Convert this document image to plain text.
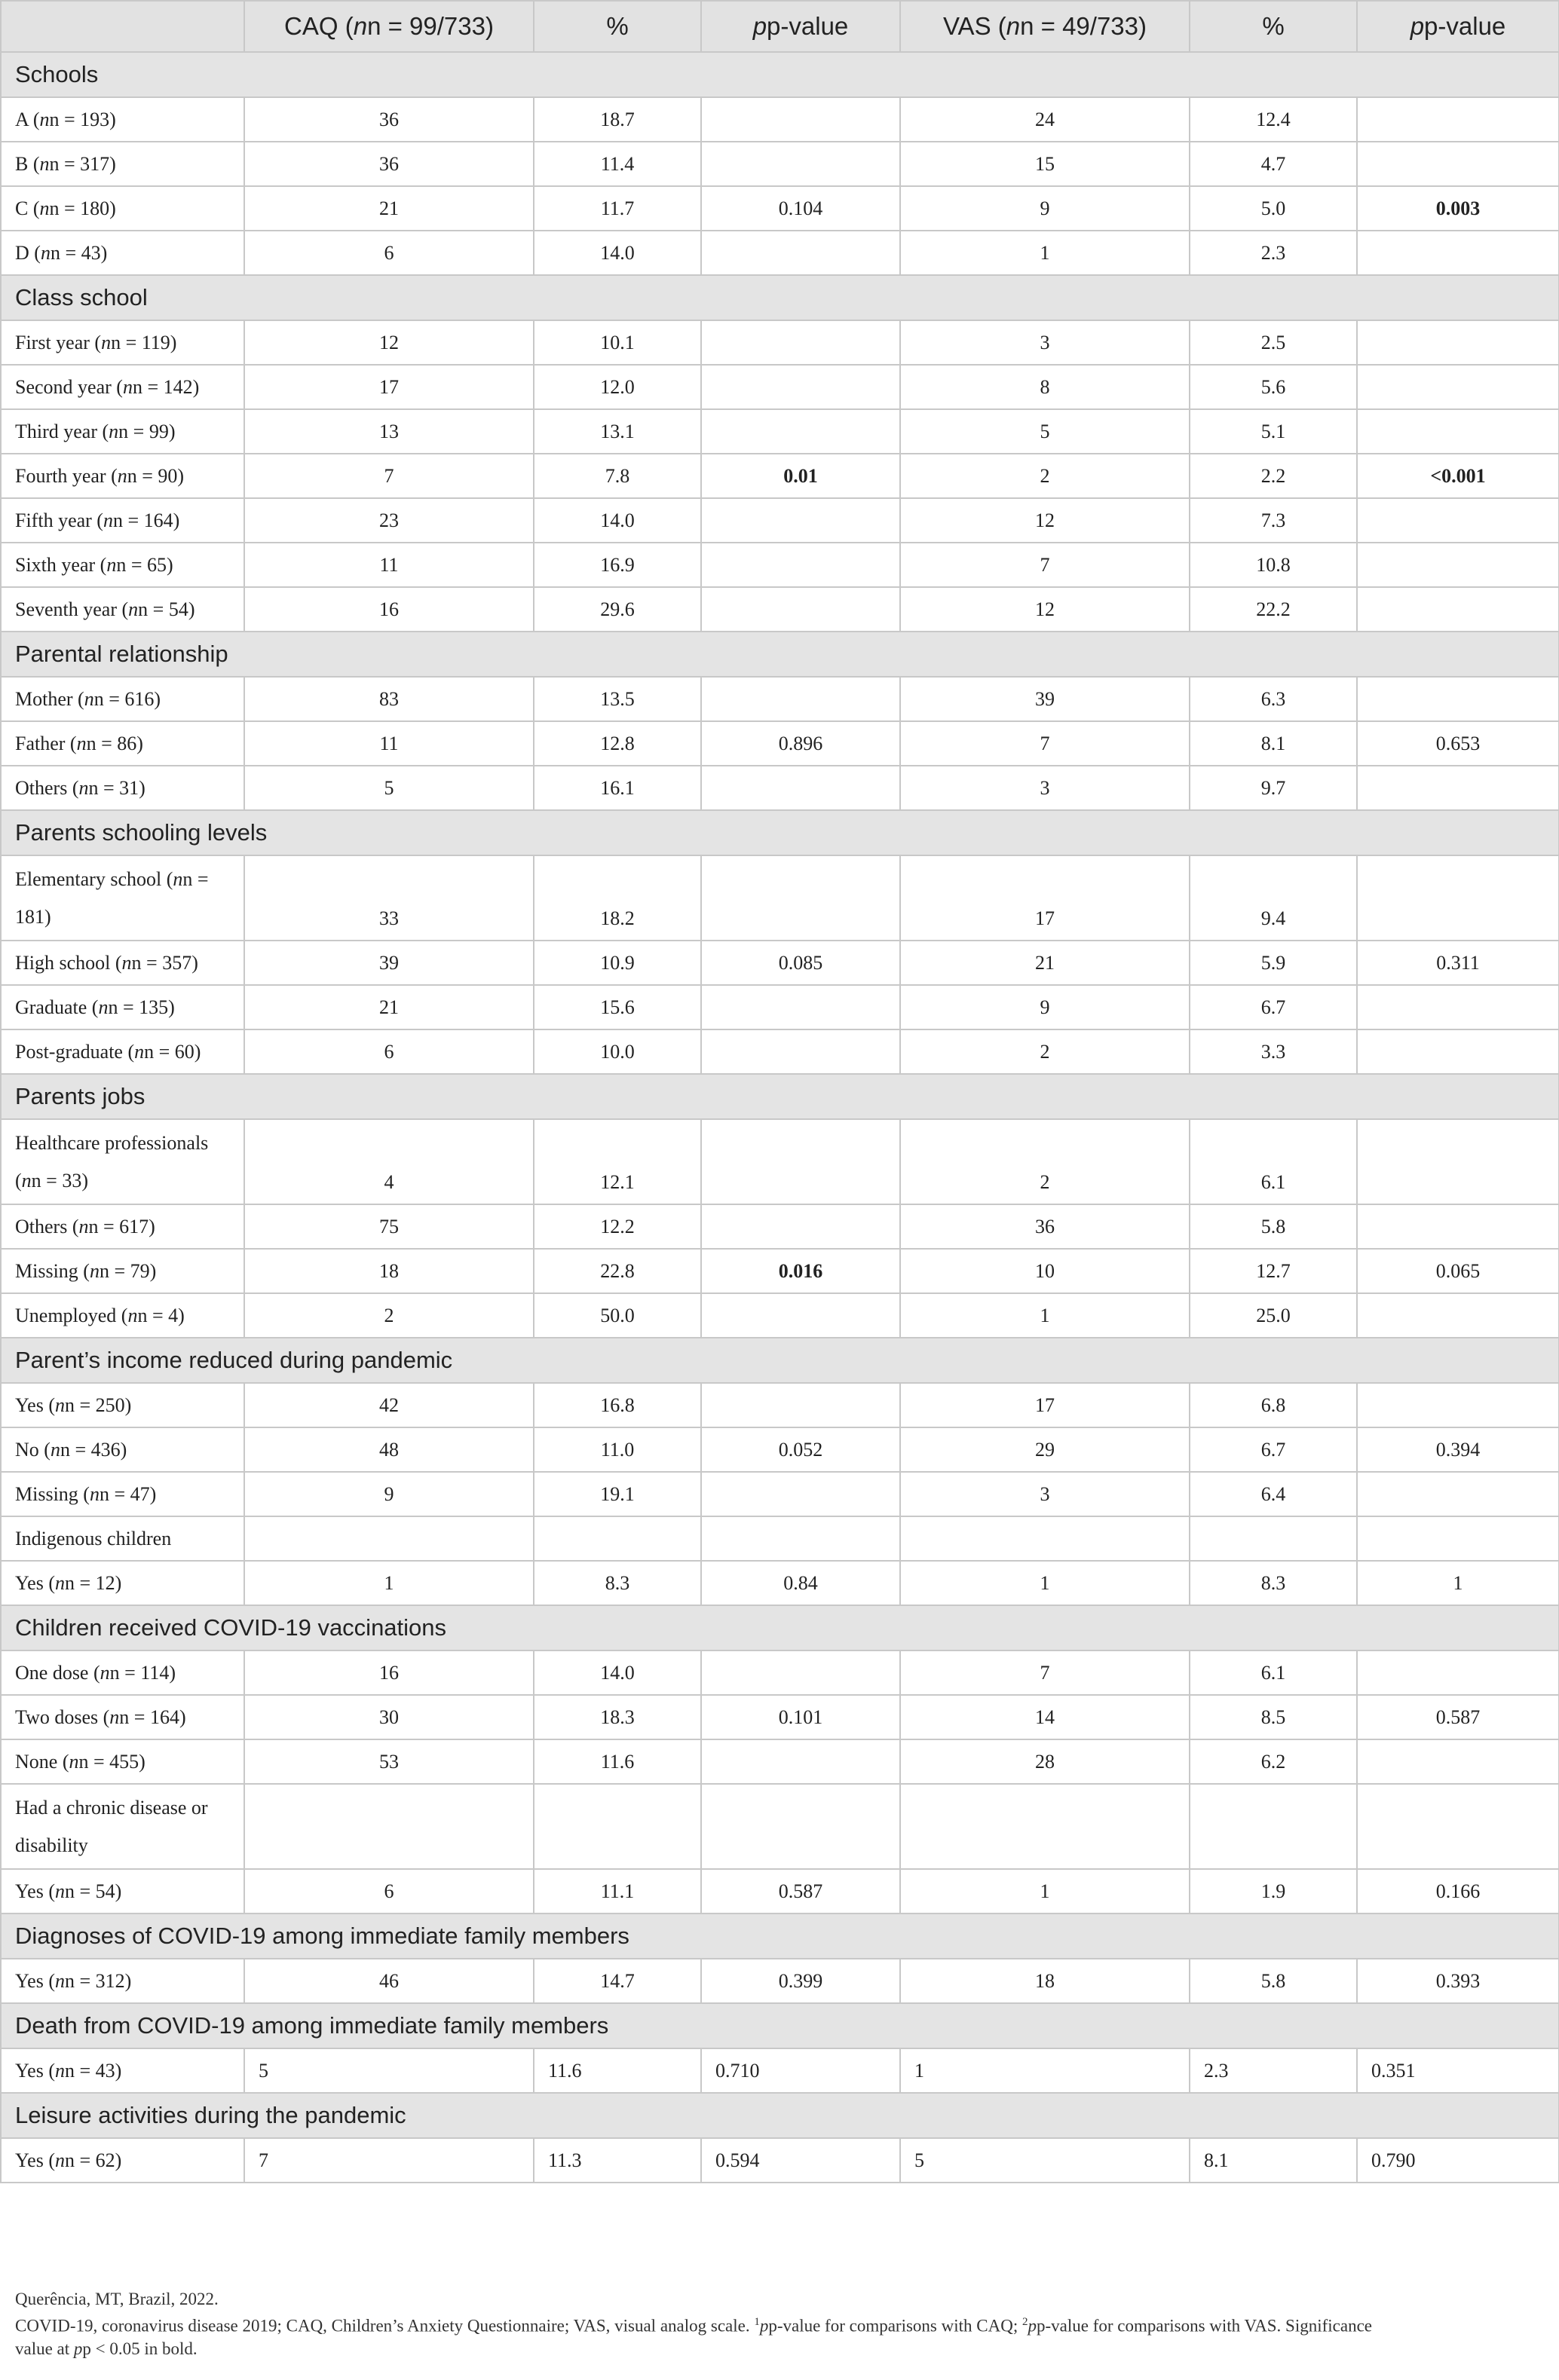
	CAQ (nn = 99/733)	%	pp-value	VAS (nn = 49/733)	%	pp-value
Schools						
A (nn = 193)	36	18.7		24	12.4	
B (nn = 317)	36	11.4		15	4.7	
C (nn = 180)	21	11.7	0.104	9	5.0	0.003
D (nn = 43)	6	14.0		1	2.3	
Class school						
First year (nn = 119)	12	10.1		3	2.5	
Second year (nn = 142)	17	12.0		8	5.6	
Third year (nn = 99)	13	13.1		5	5.1	
Fourth year (nn = 90)	7	7.8	0.01	2	2.2	<0.001
Fifth year (nn = 164)	23	14.0		12	7.3	
Sixth year (nn = 65)	11	16.9		7	10.8	
Seventh year (nn = 54)	16	29.6		12	22.2	
Parental relationship						
Mother (nn = 616)	83	13.5		39	6.3	
Father (nn = 86)	11	12.8	0.896	7	8.1	0.653
Others (nn = 31)	5	16.1		3	9.7	
Parents schooling levels						
Elementary school (nn = 181)	33	18.2		17	9.4	
High school (nn = 357)	39	10.9	0.085	21	5.9	0.311
Graduate (nn = 135)	21	15.6		9	6.7	
Post-graduate (nn = 60)	6	10.0		2	3.3	
Parents jobs						
Healthcare professionals (nn = 33)	4	12.1		2	6.1	
Others (nn = 617)	75	12.2		36	5.8	
Missing (nn = 79)	18	22.8	0.016	10	12.7	0.065
Unemployed (nn = 4)	2	50.0		1	25.0	
Parent’s income reduced during pandemic						
Yes (nn = 250)	42	16.8		17	6.8	
No (nn = 436)	48	11.0	0.052	29	6.7	0.394
Missing (nn = 47)	9	19.1		3	6.4	
Indigenous children						
Yes (nn = 12)	1	8.3	0.84	1	8.3	1
Children received COVID-19 vaccinations						
One dose (nn = 114)	16	14.0		7	6.1	
Two doses (nn = 164)	30	18.3	0.101	14	8.5	0.587
None (nn = 455)	53	11.6		28	6.2	
Had a chronic disease or disability						
Yes (nn = 54)	6	11.1	0.587	1	1.9	0.166
Diagnoses of COVID-19 among immediate family members						
Yes (nn = 312)	46	14.7	0.399	18	5.8	0.393
Death from COVID-19 among immediate family members						
Yes (nn = 43)	5	11.6	0.710	1	2.3	0.351
Leisure activities during the pandemic						
Yes (nn = 62)	7	11.3	0.594	5	8.1	0.790
Querência, MT, Brazil, 2022.
COVID-19, coronavirus disease 2019; CAQ, Children’s Anxiety Questionnaire; VAS, visual analog scale. $^1$pp-value for comparisons with CAQ; $^2$pp-value for comparisons with VAS. Significance
value at pp < 0.05 in bold.
